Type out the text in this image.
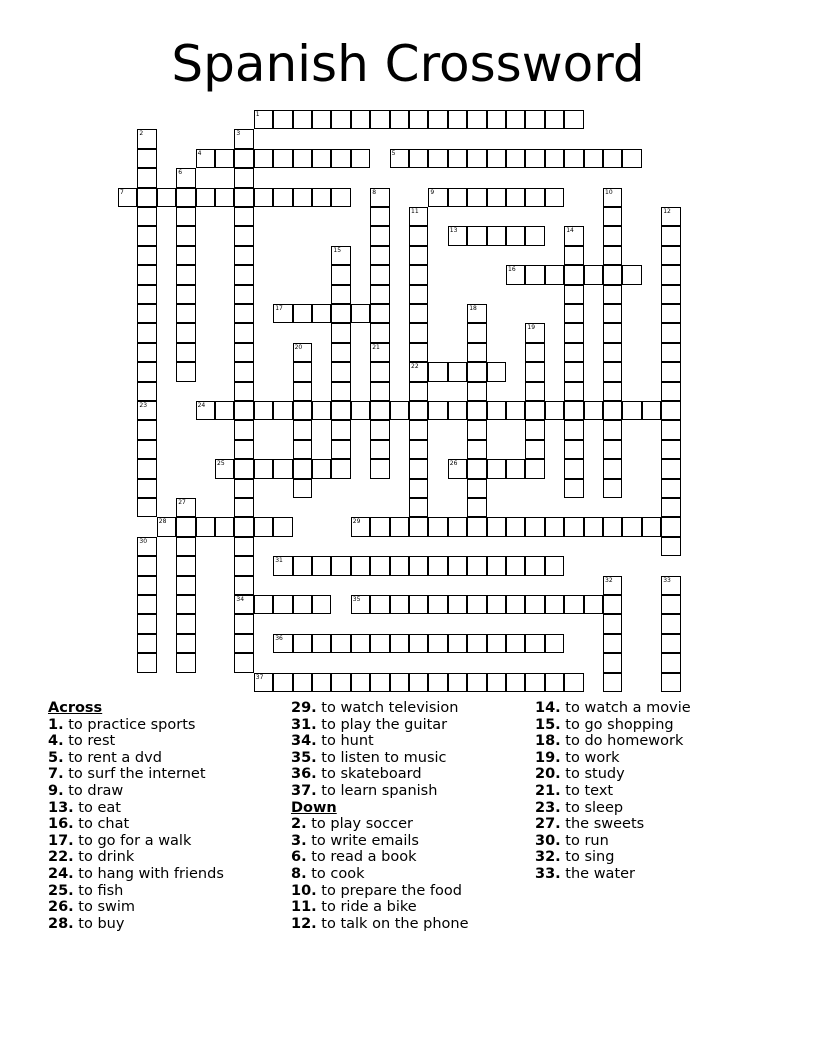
Spanish Crossword
1
2
23
3
34
4	5
6
7	8
21
9	10
11
22
12
13	14
15
16
17	18
19
20
24
25	26
27
28	29
30
31
32	33
35
36
37
Across
1. to practice sports
4. to rest
5. to rent a dvd
7. to surf the internet
9. to draw
13. to eat
16. to chat
17. to go for a walk
22. to drink
24. to hang with friends
25. to fish
26. to swim
28. to buy
29. to watch television
31. to play the guitar
34. to hunt
35. to listen to music
36. to skateboard
37. to learn spanish
Down
2. to play soccer
3. to write emails
6. to read a book
8. to cook
10. to prepare the food
11. to ride a bike
12. to talk on the phone
14. to watch a movie
15. to go shopping
18. to do homework
19. to work
20. to study
21. to text
23. to sleep
27. the sweets
30. to run
32. to sing
33. the water
